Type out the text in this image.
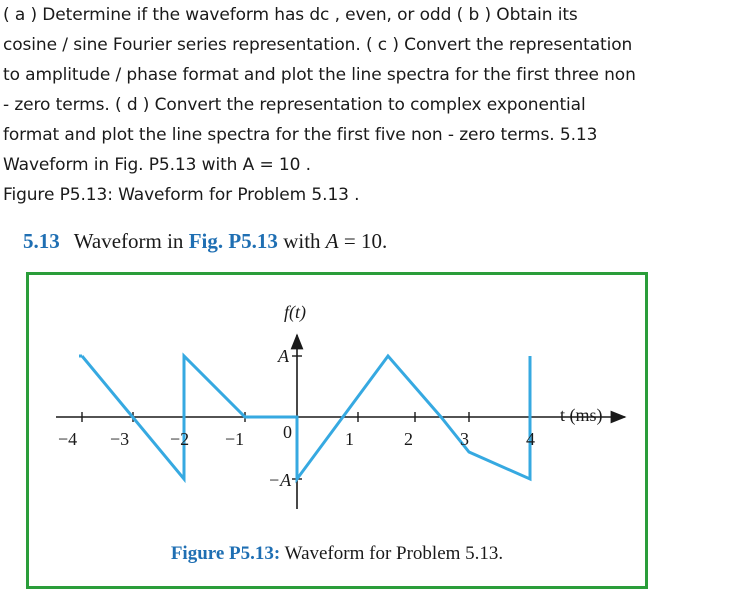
( a ) Determine if the waveform has dc , even, or odd ( b ) Obtain its
cosine / sine Fourier series representation. ( c ) Convert the representation
to amplitude / phase format and plot the line spectra for the first three non
- zero terms. ( d ) Convert the representation to complex exponential
format and plot the line spectra for the first five non - zero terms. 5.13
Waveform in Fig. P5.13 with A = 10 .
Figure P5.13: Waveform for Problem 5.13 .
5.13 Waveform in Fig. P5.13 with A = 10.
f(t)
t (ms)
A
−A
0
−4 −3 −2 −1	1	2	3	4
Figure P5.13: Waveform for Problem 5.13.
